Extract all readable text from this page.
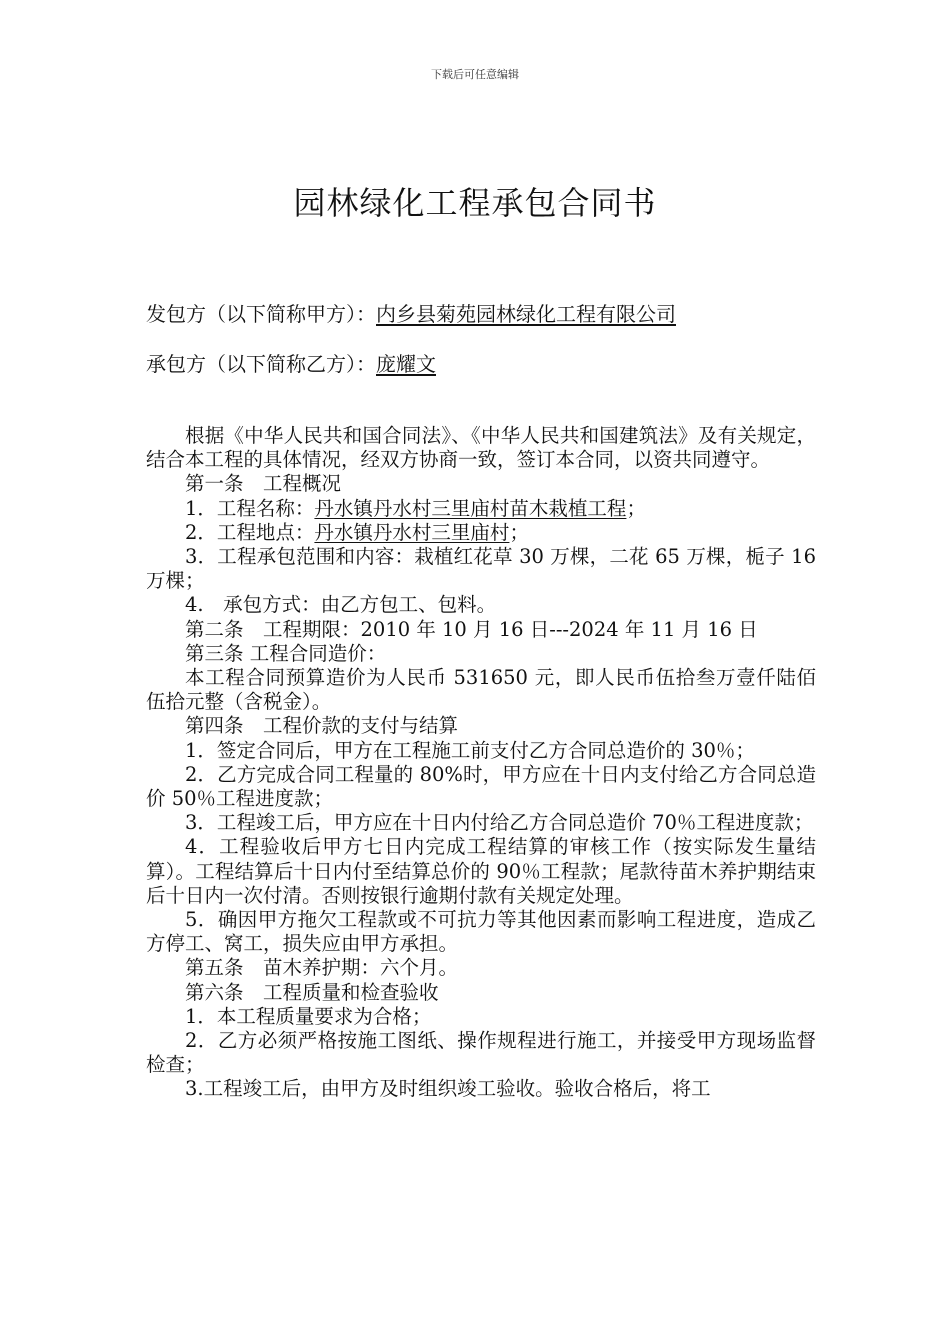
下载后可任意编辑
园林绿化工程承包合同书
发包方（以下简称甲方）：内乡县菊苑园林绿化工程有限公司
承包方（以下简称乙方）：庞耀文

根据《中华人民共和国合同法》、《中华人民共和国建筑法》及有关规定，结合本工程的具体情况，经双方协商一致，签订本合同，以资共同遵守。

第一条　工程概况

1．工程名称：丹水镇丹水村三里庙村苗木栽植工程；

2．工程地点：丹水镇丹水村三里庙村；

3．工程承包范围和内容：栽植红花草 30 万棵，二花 65 万棵，栀子 16 万棵；

4.　承包方式：由乙方包工、包料。

第二条　工程期限：2010 年 10 月 16 日---2024 年 11 月 16 日

第三条 工程合同造价：

本工程合同预算造价为人民币 531650 元，即人民币伍拾叁万壹仟陆佰伍拾元整（含税金）。

第四条　工程价款的支付与结算

1．签定合同后，甲方在工程施工前支付乙方合同总造价的 30％；

2．乙方完成合同工程量的 80%时，甲方应在十日内支付给乙方合同总造价 50％工程进度款；

3．工程竣工后，甲方应在十日内付给乙方合同总造价 70％工程进度款；

4．工程验收后甲方七日内完成工程结算的审核工作（按实际发生量结算）。工程结算后十日内付至结算总价的 90％工程款；尾款待苗木养护期结束后十日内一次付清。否则按银行逾期付款有关规定处理。

5．确因甲方拖欠工程款或不可抗力等其他因素而影响工程进度，造成乙方停工、窝工，损失应由甲方承担。

第五条　苗木养护期：六个月。

第六条　工程质量和检查验收

1．本工程质量要求为合格；

2．乙方必须严格按施工图纸、操作规程进行施工，并接受甲方现场监督检查；

3.工程竣工后，由甲方及时组织竣工验收。验收合格后，将工
